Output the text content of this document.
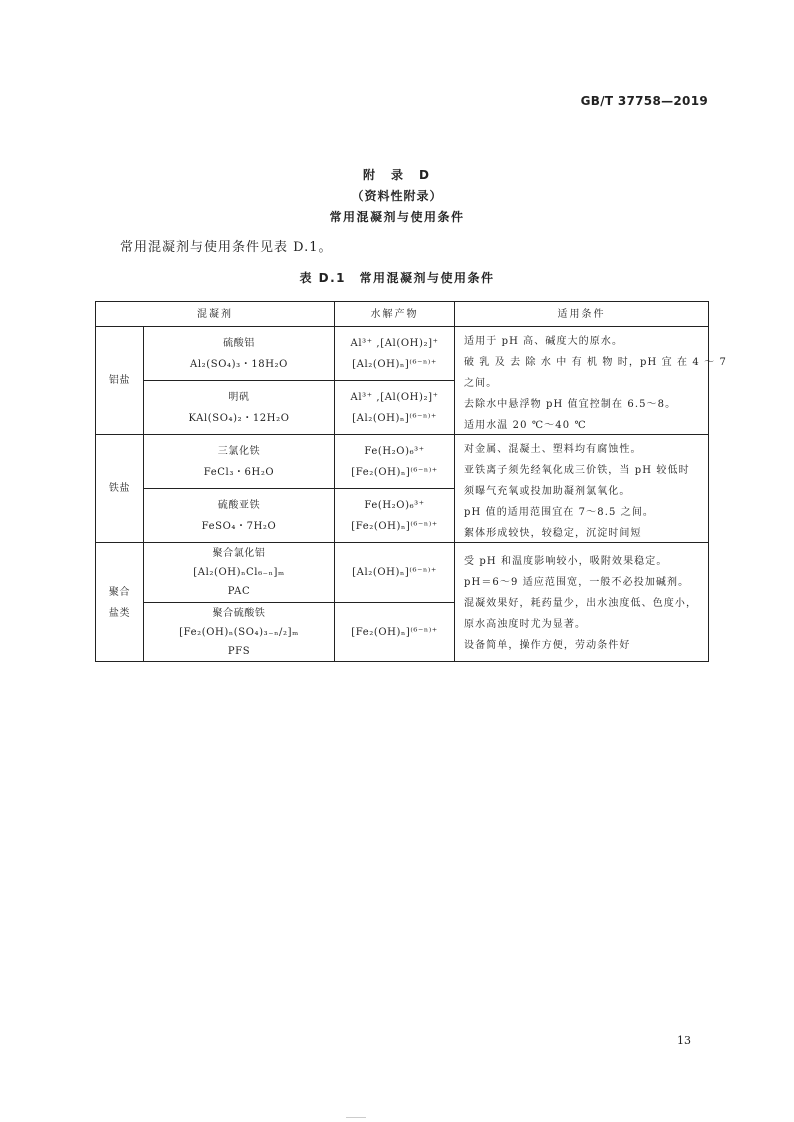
GB/T 37758—2019
附　录　D
（资料性附录）
常用混凝剂与使用条件
常用混凝剂与使用条件见表 D.1。
表 D.1　常用混凝剂与使用条件
混凝剂	水解产物	适用条件
铝盐
硫酸铝
Al₂(SO₄)₃・18H₂O
Al³⁺ ,[Al(OH)₂]⁺
[Al₂(OH)ₙ]⁽⁶⁻ⁿ⁾⁺
明矾
KAl(SO₄)₂・12H₂O
Al³⁺ ,[Al(OH)₂]⁺
[Al₂(OH)ₙ]⁽⁶⁻ⁿ⁾⁺
适用于 pH 高、碱度大的原水。
破 乳 及 去 除 水 中 有 机 物 时，pH 宜 在 4 ～ 7
之间。
去除水中悬浮物 pH 值宜控制在 6.5～8。
适用水温 20 ℃～40 ℃
铁盐
三氯化铁
FeCl₃・6H₂O
Fe(H₂O)₆³⁺
[Fe₂(OH)ₙ]⁽⁶⁻ⁿ⁾⁺
硫酸亚铁
FeSO₄・7H₂O
Fe(H₂O)₆³⁺
[Fe₂(OH)ₙ]⁽⁶⁻ⁿ⁾⁺
对金属、混凝土、塑料均有腐蚀性。
亚铁离子须先经氧化成三价铁，当 pH 较低时
须曝气充氧或投加助凝剂氯氧化。
pH 值的适用范围宜在 7～8.5 之间。
絮体形成较快，较稳定，沉淀时间短
聚合
盐类
聚合氯化铝
[Al₂(OH)ₙCl₆₋ₙ]ₘ
PAC
[Al₂(OH)ₙ]⁽⁶⁻ⁿ⁾⁺
聚合硫酸铁
[Fe₂(OH)ₙ(SO₄)₃₋ₙ/₂]ₘ
PFS
[Fe₂(OH)ₙ]⁽⁶⁻ⁿ⁾⁺
受 pH 和温度影响较小，吸附效果稳定。
pH＝6～9 适应范围宽，一般不必投加碱剂。
混凝效果好，耗药量少，出水浊度低、色度小，
原水高浊度时尤为显著。
设备简单，操作方便，劳动条件好
13
